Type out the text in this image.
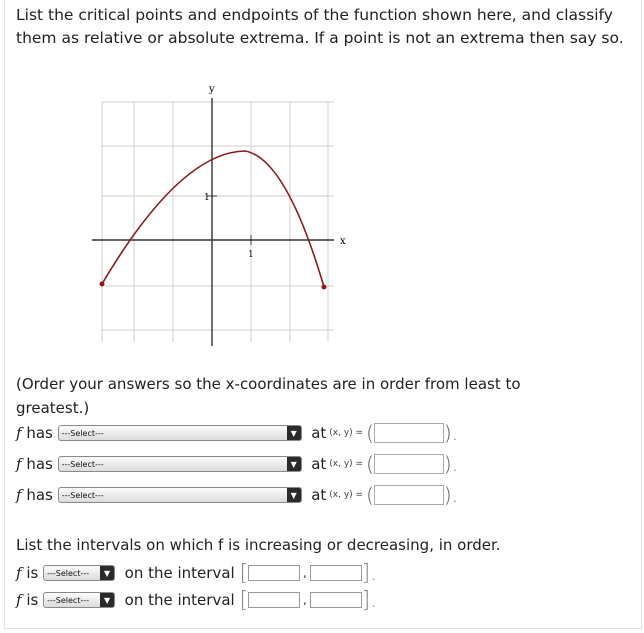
List the critical points and endpoints of the function shown here, and classify them as relative or absolute extrema. If a point is not an extrema then say so.
y
x
1
1
(Order your answers so the x-coordinates are in order from least to greatest.)
f
has
---Select---	▼
at (x, y) = (	).
f
has
---Select---	▼
at (x, y) = (	).
f
has
---Select---	▼
at (x, y) = (	).
List the intervals on which f is increasing or decreasing, in order.
f
is
---Select---	▼
on the interval
[	,	].
f
is
---Select---	▼
on the interval
[	,	].
